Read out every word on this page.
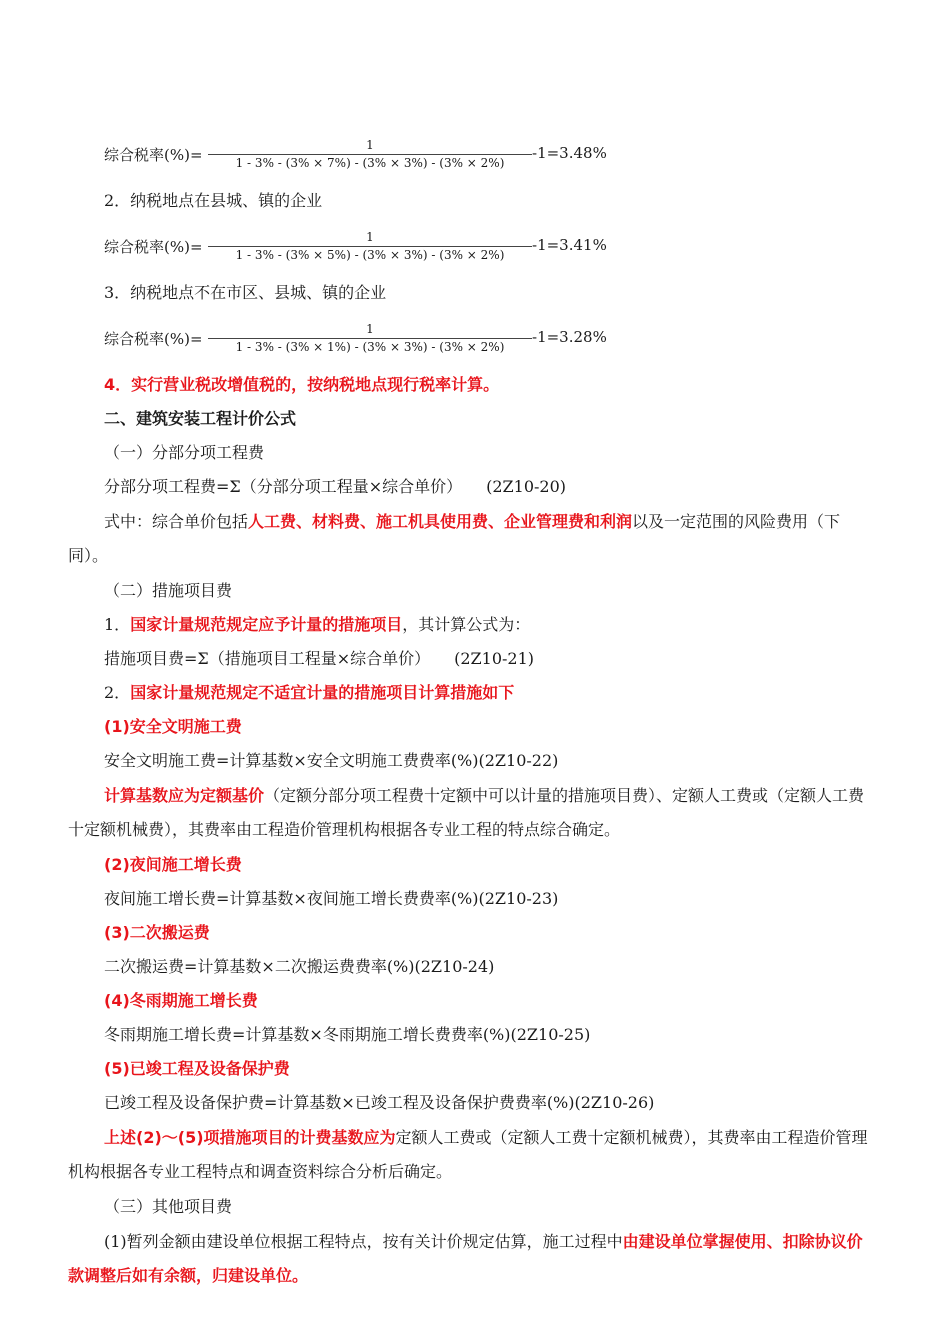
综合税率(%)=
1
1 - 3% - (3% × 7%) - (3% × 3%) - (3% × 2%)
-1=3.48%
2．纳税地点在县城、镇的企业
综合税率(%)=
1
1 - 3% - (3% × 5%) - (3% × 3%) - (3% × 2%)
-1=3.41%
3．纳税地点不在市区、县城、镇的企业
综合税率(%)=
1
1 - 3% - (3% × 1%) - (3% × 3%) - (3% × 2%)
-1=3.28%
4．实行营业税改增值税的，按纳税地点现行税率计算。
二、建筑安装工程计价公式
（一）分部分项工程费
分部分项工程费=Σ（分部分项工程量×综合单价）　　(2Z10-20)
式中：综合单价包括人工费、材料费、施工机具使用费、企业管理费和利润以及一定范围的风险费用（下同）。
（二）措施项目费
1．国家计量规范规定应予计量的措施项目，其计算公式为：
措施项目费=Σ（措施项目工程量×综合单价）　　(2Z10-21)
2．国家计量规范规定不适宜计量的措施项目计算措施如下
(1)安全文明施工费
安全文明施工费=计算基数×安全文明施工费费率(%)(2Z10-22)
计算基数应为定额基价（定额分部分项工程费十定额中可以计量的措施项目费）、定额人工费或（定额人工费十定额机械费），其费率由工程造价管理机构根据各专业工程的特点综合确定。
(2)夜间施工增长费
夜间施工增长费=计算基数×夜间施工增长费费率(%)(2Z10-23)
(3)二次搬运费
二次搬运费=计算基数×二次搬运费费率(%)(2Z10-24)
(4)冬雨期施工增长费
冬雨期施工增长费=计算基数×冬雨期施工增长费费率(%)(2Z10-25)
(5)已竣工程及设备保护费
已竣工程及设备保护费=计算基数×已竣工程及设备保护费费率(%)(2Z10-26)
上述(2)～(5)项措施项目的计费基数应为定额人工费或（定额人工费十定额机械费），其费率由工程造价管理机构根据各专业工程特点和调查资料综合分析后确定。
（三）其他项目费
(1)暂列金额由建设单位根据工程特点，按有关计价规定估算，施工过程中由建设单位掌握使用、扣除协议价款调整后如有余额，归建设单位。
